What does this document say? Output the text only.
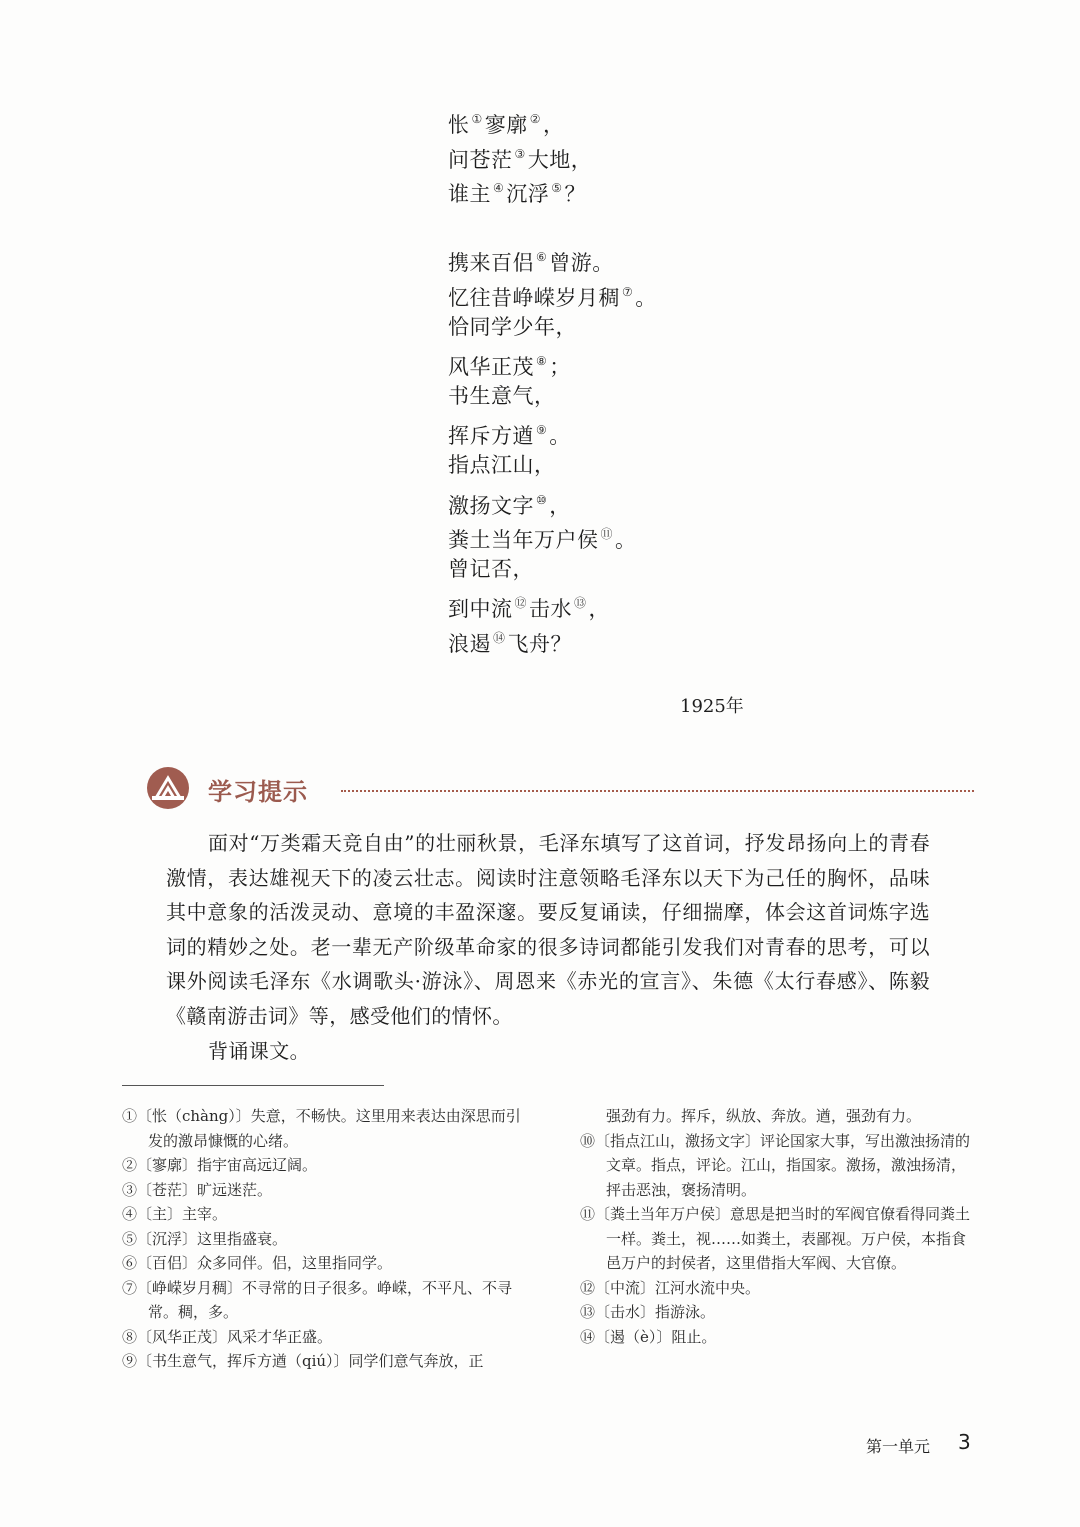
怅 ①寥廓 ②，
问苍茫 ③大地，
谁主 ④沉浮 ⑤？
携来百侣 ⑥曾游。
忆往昔峥嵘岁月稠 ⑦。
恰同学少年，
风华正茂 ⑧；
书生意气，
挥斥方遒 ⑨。
指点江山，
激扬文字 ⑩，
粪土当年万户侯 ⑪。
曾记否，
到中流 ⑫击水 ⑬，
浪遏 ⑭飞舟？
1925年
学习提示

面对“万类霜天竞自由”的壮丽秋景，毛泽东填写了这首词，抒发昂扬向上的青春激情，表达雄视天下的凌云壮志。阅读时注意领略毛泽东以天下为己任的胸怀，品味其中意象的活泼灵动、意境的丰盈深邃。要反复诵读，仔细揣摩，体会这首词炼字选词的精妙之处。老一辈无产阶级革命家的很多诗词都能引发我们对青春的思考，可以课外阅读毛泽东《水调歌头·游泳》、周恩来《赤光的宣言》、朱德《太行春感》、陈毅《赣南游击词》等，感受他们的情怀。

背诵课文。

①〔怅（chàng）〕失意，不畅快。这里用来表达由深思而引发的激昂慷慨的心绪。
②〔寥廓〕指宇宙高远辽阔。
③〔苍茫〕旷远迷茫。
④〔主〕主宰。
⑤〔沉浮〕这里指盛衰。
⑥〔百侣〕众多同伴。侣，这里指同学。
⑦〔峥嵘岁月稠〕不寻常的日子很多。峥嵘，不平凡、不寻常。稠，多。
⑧〔风华正茂〕风采才华正盛。
⑨〔书生意气，挥斥方遒（qiú）〕同学们意气奔放，正
强劲有力。挥斥，纵放、奔放。遒，强劲有力。
⑩〔指点江山，激扬文字〕评论国家大事，写出激浊扬清的文章。指点，评论。江山，指国家。激扬，激浊扬清，抨击恶浊，褒扬清明。
⑪〔粪土当年万户侯〕意思是把当时的军阀官僚看得同粪土一样。粪土，视……如粪土，表鄙视。万户侯，本指食邑万户的封侯者，这里借指大军阀、大官僚。
⑫〔中流〕江河水流中央。
⑬〔击水〕指游泳。
⑭〔遏（è）〕阻止。
第一单元 3
